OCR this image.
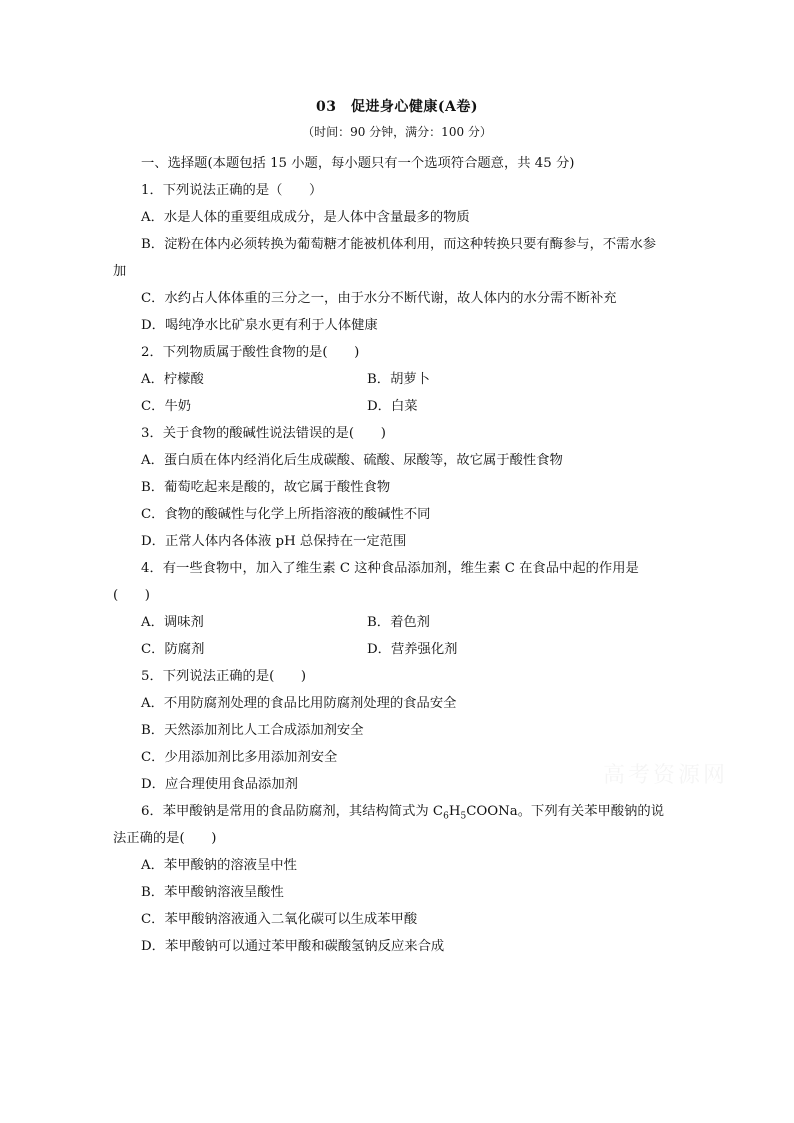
03　促进身心健康(A卷)
（时间：90 分钟，满分：100 分）
一、选择题(本题包括 15 小题，每小题只有一个选项符合题意，共 45 分)
1．下列说法正确的是（　　）
A．水是人体的重要组成成分，是人体中含量最多的物质
B．淀粉在体内必须转换为葡萄糖才能被机体利用，而这种转换只要有酶参与，不需水参
加
C．水约占人体体重的三分之一，由于水分不断代谢，故人体内的水分需不断补充
D．喝纯净水比矿泉水更有利于人体健康
2．下列物质属于酸性食物的是(　　)
A．柠檬酸	B．胡萝卜
C．牛奶	D．白菜
3．关于食物的酸碱性说法错误的是(　　)
A．蛋白质在体内经消化后生成碳酸、硫酸、尿酸等，故它属于酸性食物
B．葡萄吃起来是酸的，故它属于酸性食物
C．食物的酸碱性与化学上所指溶液的酸碱性不同
D．正常人体内各体液 pH 总保持在一定范围
4．有一些食物中，加入了维生素 C 这种食品添加剂，维生素 C 在食品中起的作用是
(　　)
A．调味剂	B．着色剂
C．防腐剂	D．营养强化剂
5．下列说法正确的是(　　)
A．不用防腐剂处理的食品比用防腐剂处理的食品安全
B．天然添加剂比人工合成添加剂安全
C．少用添加剂比多用添加剂安全
D．应合理使用食品添加剂
6．苯甲酸钠是常用的食品防腐剂，其结构简式为 $C_6H_5COONa$。下列有关苯甲酸钠的说
法正确的是(　　)
A．苯甲酸钠的溶液呈中性
B．苯甲酸钠溶液呈酸性
C．苯甲酸钠溶液通入二氧化碳可以生成苯甲酸
D．苯甲酸钠可以通过苯甲酸和碳酸氢钠反应来合成
